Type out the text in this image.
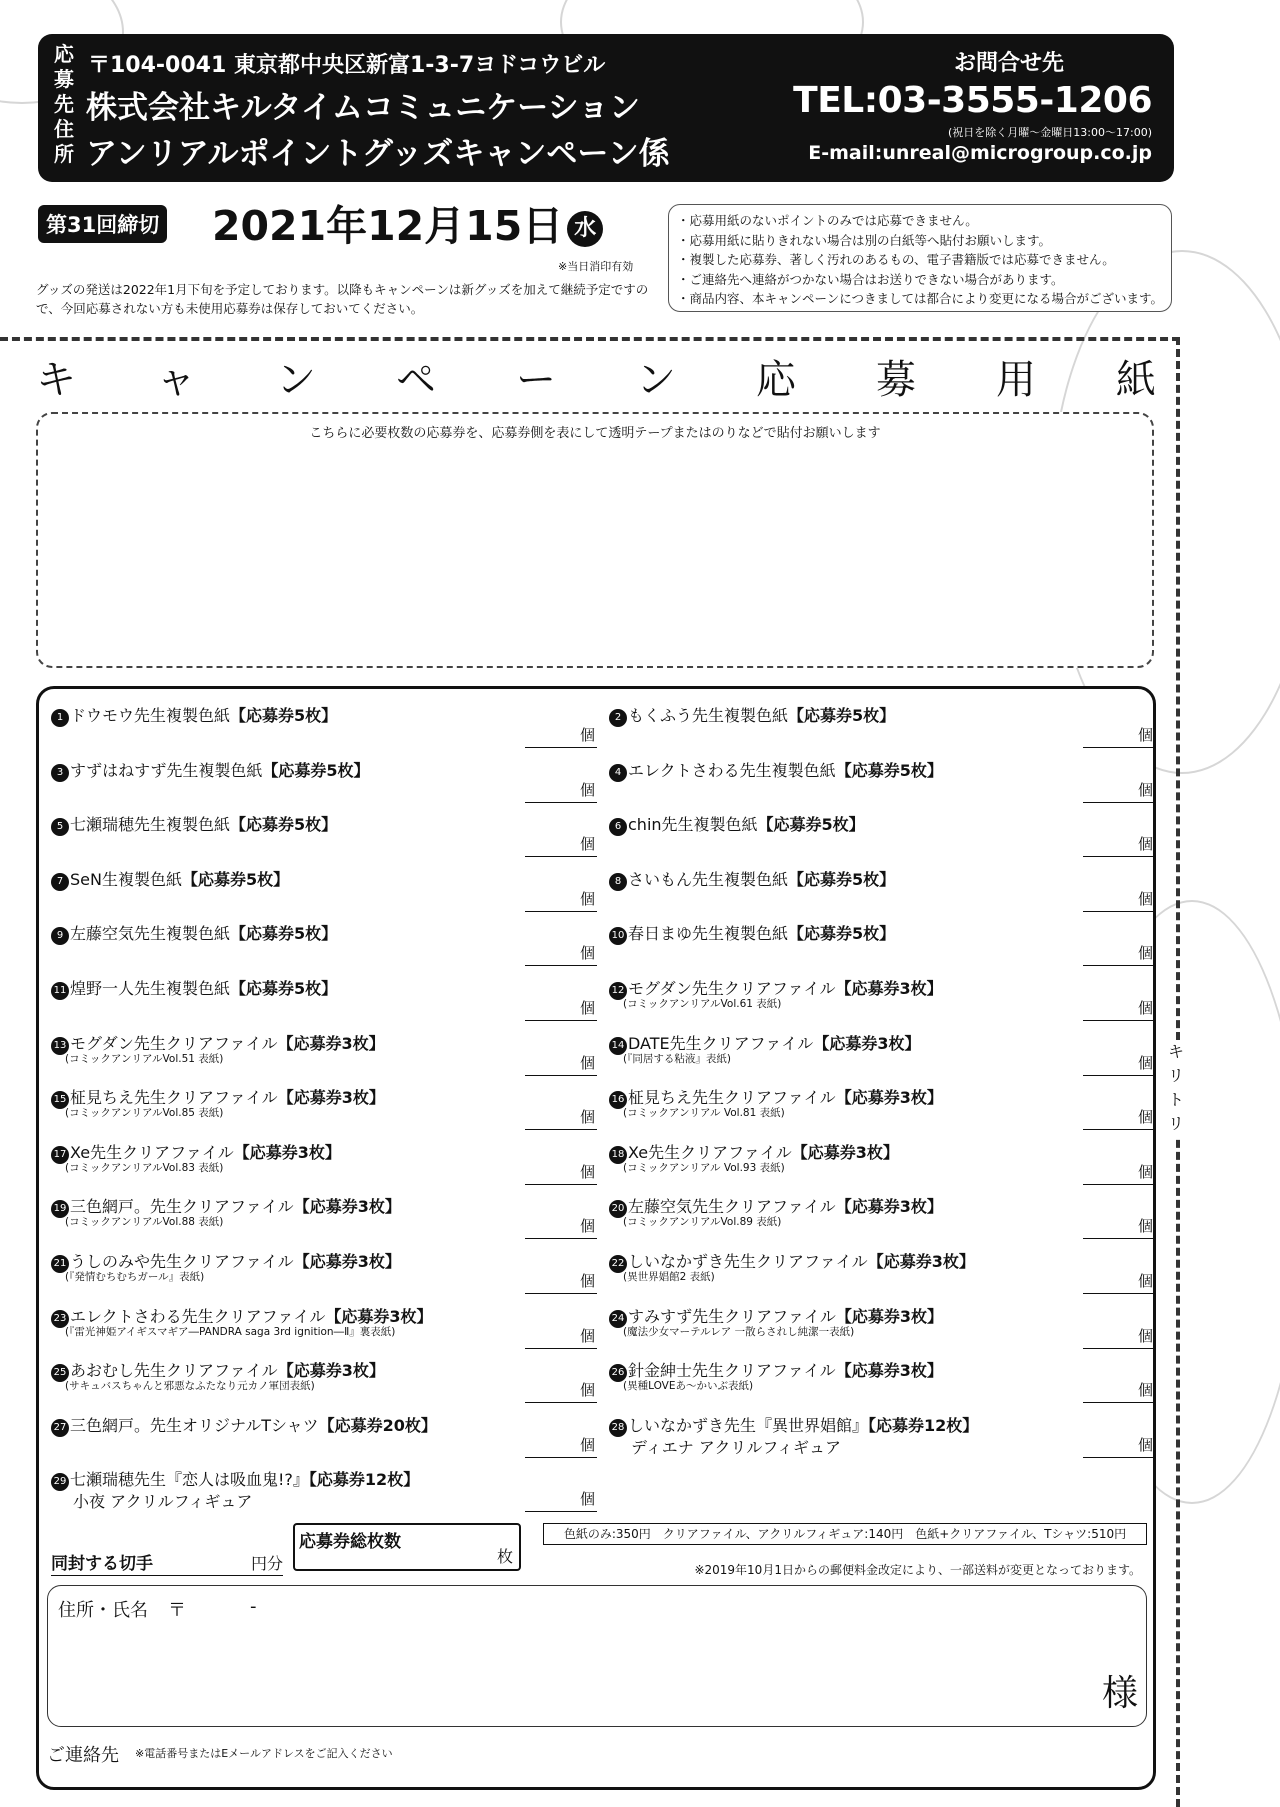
応
募
先
住
所
〒104-0041 東京都中央区新富1-3-7ヨドコウビル
株式会社キルタイムコミュニケーション
アンリアルポイントグッズキャンペーン係
お問合せ先
TEL:03-3555-1206
(祝日を除く月曜～金曜日13:00～17:00)
E-mail:unreal@microgroup.co.jp
第31回締切 2021年12月15日 水
※当日消印有効
グッズの発送は2022年1月下旬を予定しております。以降もキャンペーンは新グッズを加えて継続予定ですので、今回応募されない方も未使用応募券は保存しておいてください。
・応募用紙のないポイントのみでは応募できません。
・応募用紙に貼りきれない場合は別の白紙等へ貼付お願いします。
・複製した応募券、著しく汚れのあるもの、電子書籍版では応募できません。
・ご連絡先へ連絡がつかない場合はお送りできない場合があります。
・商品内容、本キャンペーンにつきましては都合により変更になる場合がございます。
キ
リ
ト
リ
キ ャ ン ペ ー ン 応 募 用 紙
こちらに必要枚数の応募券を、応募券側を表にして透明テープまたはのりなどで貼付お願いします
1 ドウモウ先生複製色紙【応募券5枚】
個
2 もくふう先生複製色紙【応募券5枚】
個
3 すずはねすず先生複製色紙【応募券5枚】
個
4 エレクトさわる先生複製色紙【応募券5枚】
個
5 七瀬瑞穂先生複製色紙【応募券5枚】
個
6 chin先生複製色紙【応募券5枚】
個
7 SeN生複製色紙【応募券5枚】
個
8 さいもん先生複製色紙【応募券5枚】
個
9 左藤空気先生複製色紙【応募券5枚】
個
10 春日まゆ先生複製色紙【応募券5枚】
個
11 煌野一人先生複製色紙【応募券5枚】
個
12 モグダン先生クリアファイル【応募券3枚】
(コミックアンリアルVol.61 表紙)	個
13 モグダン先生クリアファイル【応募券3枚】
(コミックアンリアルVol.51 表紙)	個
14 DATE先生クリアファイル【応募券3枚】
(『同居する粘液』表紙)	個
15 柾見ちえ先生クリアファイル【応募券3枚】
(コミックアンリアルVol.85 表紙)	個
16 柾見ちえ先生クリアファイル【応募券3枚】
(コミックアンリアル Vol.81 表紙)	個
17 Xe先生クリアファイル【応募券3枚】
(コミックアンリアルVol.83 表紙)	個
18 Xe先生クリアファイル【応募券3枚】
(コミックアンリアル Vol.93 表紙)	個
19 三色網戸。先生クリアファイル【応募券3枚】
(コミックアンリアルVol.88 表紙)	個
20 左藤空気先生クリアファイル【応募券3枚】
(コミックアンリアルVol.89 表紙)	個
21 うしのみや先生クリアファイル【応募券3枚】
(『発情むちむちガール』表紙)	個
22 しいなかずき先生クリアファイル【応募券3枚】
(異世界娼館2 表紙)	個
23 エレクトさわる先生クリアファイル【応募券3枚】
(『雷光神姫アイギスマギア―PANDRA saga 3rd ignition―Ⅱ』裏表紙)	個
24 すみすず先生クリアファイル【応募券3枚】
(魔法少女マーテルレア 一散らされし純潔一表紙)	個
25 あおむし先生クリアファイル【応募券3枚】
(サキュバスちゃんと邪悪なふたなり元カノ軍団表紙)	個
26 針金紳士先生クリアファイル【応募券3枚】
(異種LOVEあ～かいぶ表紙)	個
27 三色網戸。先生オリジナルTシャツ【応募券20枚】
個
28 しいなかずき先生『異世界娼館』【応募券12枚】
ディエナ アクリルフィギュア	個
29 七瀬瑞穂先生『恋人は吸血鬼!?』【応募券12枚】
小夜 アクリルフィギュア	個
同封する切手	円分
応募券総枚数
枚
色紙のみ:350円　クリアファイル、アクリルフィギュア:140円　色紙+クリアファイル、Tシャツ:510円
※2019年10月1日からの郵便料金改定により、一部送料が変更となっております。
住所・氏名 〒	-
様
ご連絡先 ※電話番号またはEメールアドレスをご記入ください
